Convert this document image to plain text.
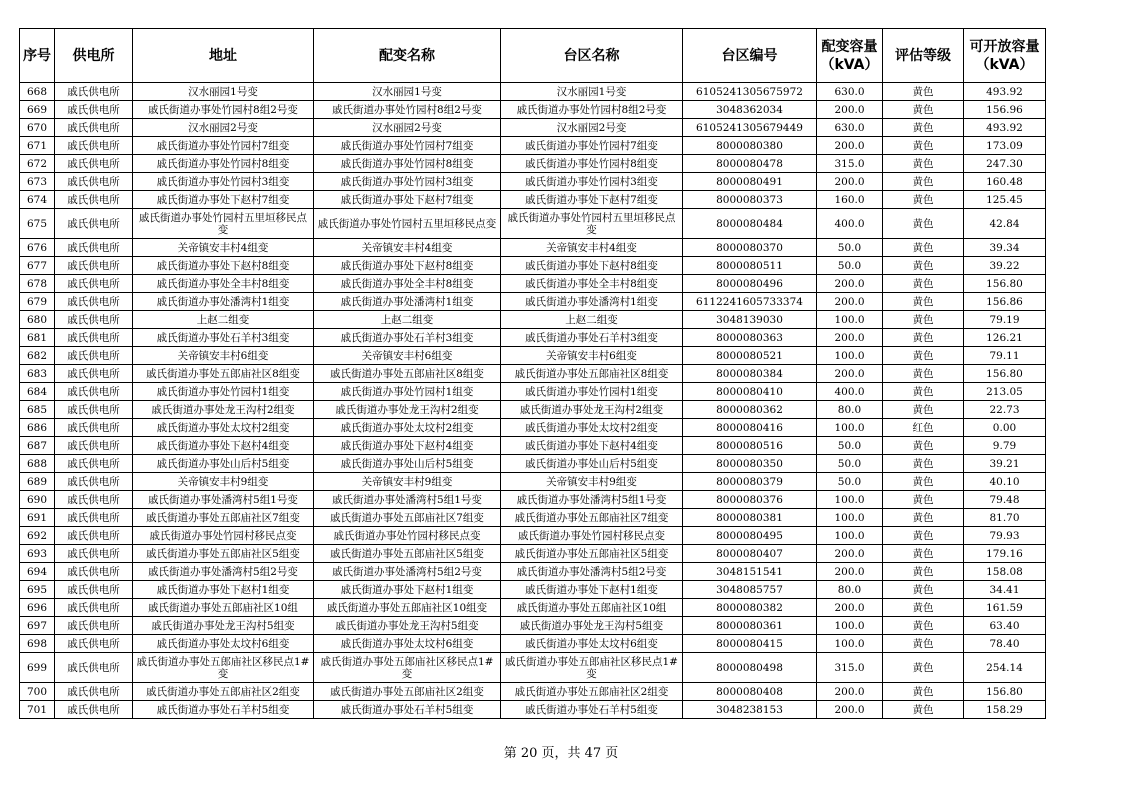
序号	供电所	地址	配变名称	台区名称	台区编号	配变容量（kVA）	评估等级	可开放容量（kVA）
668	戚氏供电所	汉水丽园1号变	汉水丽园1号变	汉水丽园1号变	6105241305675972	630.0	黄色	493.92
669	戚氏供电所	戚氏街道办事处竹园村8组2号变	戚氏街道办事处竹园村8组2号变	戚氏街道办事处竹园村8组2号变	3048362034	200.0	黄色	156.96
670	戚氏供电所	汉水丽园2号变	汉水丽园2号变	汉水丽园2号变	6105241305679449	630.0	黄色	493.92
671	戚氏供电所	戚氏街道办事处竹园村7组变	戚氏街道办事处竹园村7组变	戚氏街道办事处竹园村7组变	8000080380	200.0	黄色	173.09
672	戚氏供电所	戚氏街道办事处竹园村8组变	戚氏街道办事处竹园村8组变	戚氏街道办事处竹园村8组变	8000080478	315.0	黄色	247.30
673	戚氏供电所	戚氏街道办事处竹园村3组变	戚氏街道办事处竹园村3组变	戚氏街道办事处竹园村3组变	8000080491	200.0	黄色	160.48
674	戚氏供电所	戚氏街道办事处下赵村7组变	戚氏街道办事处下赵村7组变	戚氏街道办事处下赵村7组变	8000080373	160.0	黄色	125.45
675	戚氏供电所	戚氏街道办事处竹园村五里垣移民点变	戚氏街道办事处竹园村五里垣移民点变	戚氏街道办事处竹园村五里垣移民点变	8000080484	400.0	黄色	42.84
676	戚氏供电所	关帝镇安丰村4组变	关帝镇安丰村4组变	关帝镇安丰村4组变	8000080370	50.0	黄色	39.34
677	戚氏供电所	戚氏街道办事处下赵村8组变	戚氏街道办事处下赵村8组变	戚氏街道办事处下赵村8组变	8000080511	50.0	黄色	39.22
678	戚氏供电所	戚氏街道办事处全丰村8组变	戚氏街道办事处全丰村8组变	戚氏街道办事处全丰村8组变	8000080496	200.0	黄色	156.80
679	戚氏供电所	戚氏街道办事处潘湾村1组变	戚氏街道办事处潘湾村1组变	戚氏街道办事处潘湾村1组变	6112241605733374	200.0	黄色	156.86
680	戚氏供电所	上赵二组变	上赵二组变	上赵二组变	3048139030	100.0	黄色	79.19
681	戚氏供电所	戚氏街道办事处石羊村3组变	戚氏街道办事处石羊村3组变	戚氏街道办事处石羊村3组变	8000080363	200.0	黄色	126.21
682	戚氏供电所	关帝镇安丰村6组变	关帝镇安丰村6组变	关帝镇安丰村6组变	8000080521	100.0	黄色	79.11
683	戚氏供电所	戚氏街道办事处五郎庙社区8组变	戚氏街道办事处五郎庙社区8组变	戚氏街道办事处五郎庙社区8组变	8000080384	200.0	黄色	156.80
684	戚氏供电所	戚氏街道办事处竹园村1组变	戚氏街道办事处竹园村1组变	戚氏街道办事处竹园村1组变	8000080410	400.0	黄色	213.05
685	戚氏供电所	戚氏街道办事处龙王沟村2组变	戚氏街道办事处龙王沟村2组变	戚氏街道办事处龙王沟村2组变	8000080362	80.0	黄色	22.73
686	戚氏供电所	戚氏街道办事处太坟村2组变	戚氏街道办事处太坟村2组变	戚氏街道办事处太坟村2组变	8000080416	100.0	红色	0.00
687	戚氏供电所	戚氏街道办事处下赵村4组变	戚氏街道办事处下赵村4组变	戚氏街道办事处下赵村4组变	8000080516	50.0	黄色	9.79
688	戚氏供电所	戚氏街道办事处山后村5组变	戚氏街道办事处山后村5组变	戚氏街道办事处山后村5组变	8000080350	50.0	黄色	39.21
689	戚氏供电所	关帝镇安丰村9组变	关帝镇安丰村9组变	关帝镇安丰村9组变	8000080379	50.0	黄色	40.10
690	戚氏供电所	戚氏街道办事处潘湾村5组1号变	戚氏街道办事处潘湾村5组1号变	戚氏街道办事处潘湾村5组1号变	8000080376	100.0	黄色	79.48
691	戚氏供电所	戚氏街道办事处五郎庙社区7组变	戚氏街道办事处五郎庙社区7组变	戚氏街道办事处五郎庙社区7组变	8000080381	100.0	黄色	81.70
692	戚氏供电所	戚氏街道办事处竹园村移民点变	戚氏街道办事处竹园村移民点变	戚氏街道办事处竹园村移民点变	8000080495	100.0	黄色	79.93
693	戚氏供电所	戚氏街道办事处五郎庙社区5组变	戚氏街道办事处五郎庙社区5组变	戚氏街道办事处五郎庙社区5组变	8000080407	200.0	黄色	179.16
694	戚氏供电所	戚氏街道办事处潘湾村5组2号变	戚氏街道办事处潘湾村5组2号变	戚氏街道办事处潘湾村5组2号变	3048151541	200.0	黄色	158.08
695	戚氏供电所	戚氏街道办事处下赵村1组变	戚氏街道办事处下赵村1组变	戚氏街道办事处下赵村1组变	3048085757	80.0	黄色	34.41
696	戚氏供电所	戚氏街道办事处五郎庙社区10组	戚氏街道办事处五郎庙社区10组变	戚氏街道办事处五郎庙社区10组	8000080382	200.0	黄色	161.59
697	戚氏供电所	戚氏街道办事处龙王沟村5组变	戚氏街道办事处龙王沟村5组变	戚氏街道办事处龙王沟村5组变	8000080361	100.0	黄色	63.40
698	戚氏供电所	戚氏街道办事处太坟村6组变	戚氏街道办事处太坟村6组变	戚氏街道办事处太坟村6组变	8000080415	100.0	黄色	78.40
699	戚氏供电所	戚氏街道办事处五郎庙社区移民点1#变	戚氏街道办事处五郎庙社区移民点1#变	戚氏街道办事处五郎庙社区移民点1#变	8000080498	315.0	黄色	254.14
700	戚氏供电所	戚氏街道办事处五郎庙社区2组变	戚氏街道办事处五郎庙社区2组变	戚氏街道办事处五郎庙社区2组变	8000080408	200.0	黄色	156.80
701	戚氏供电所	戚氏街道办事处石羊村5组变	戚氏街道办事处石羊村5组变	戚氏街道办事处石羊村5组变	3048238153	200.0	黄色	158.29
第 20 页，共 47 页
